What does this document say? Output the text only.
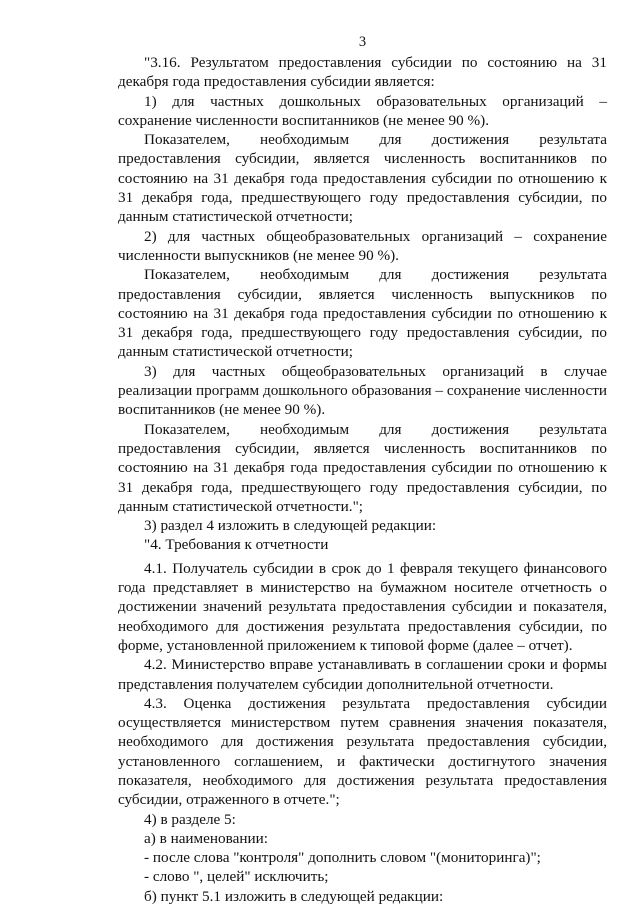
3

"3.16. Результатом предоставления субсидии по состоянию на 31 декабря года предоставления субсидии является:

1) для частных дошкольных образовательных организаций – сохранение численности воспитанников (не менее 90 %).

Показателем, необходимым для достижения результата предоставления субсидии, является численность воспитанников по состоянию на 31 декабря года предоставления субсидии по отношению к 31 декабря года, предшествующего году предоставления субсидии, по данным статистической отчетности;

2) для частных общеобразовательных организаций – сохранение численности выпускников (не менее 90 %).

Показателем, необходимым для достижения результата предоставления субсидии, является численность выпускников по состоянию на 31 декабря года предоставления субсидии по отношению к 31 декабря года, предшествующего году предоставления субсидии, по данным статистической отчетности;

3) для частных общеобразовательных организаций в случае реализации программ дошкольного образования – сохранение численности воспитанников (не менее 90 %).

Показателем, необходимым для достижения результата предоставления субсидии, является численность воспитанников по состоянию на 31 декабря года предоставления субсидии по отношению к 31 декабря года, предшествующего году предоставления субсидии, по данным статистической отчетности.";

3) раздел 4 изложить в следующей редакции:

"4. Требования к отчетности

4.1. Получатель субсидии в срок до 1 февраля текущего финансового года представляет в министерство на бумажном носителе отчетность о достижении значений результата предоставления субсидии и показателя, необходимого для достижения результата предоставления субсидии, по форме, установленной приложением к типовой форме (далее – отчет).

4.2. Министерство вправе устанавливать в соглашении сроки и формы представления получателем субсидии дополнительной отчетности.

4.3. Оценка достижения результата предоставления субсидии осуществляется министерством путем сравнения значения показателя, необходимого для достижения результата предоставления субсидии, установленного соглашением, и фактически достигнутого значения показателя, необходимого для достижения результата предоставления субсидии, отраженного в отчете.";

4) в разделе 5:

а) в наименовании:

- после слова "контроля" дополнить словом "(мониторинга)";

- слово ", целей" исключить;

б) пункт 5.1 изложить в следующей редакции:
